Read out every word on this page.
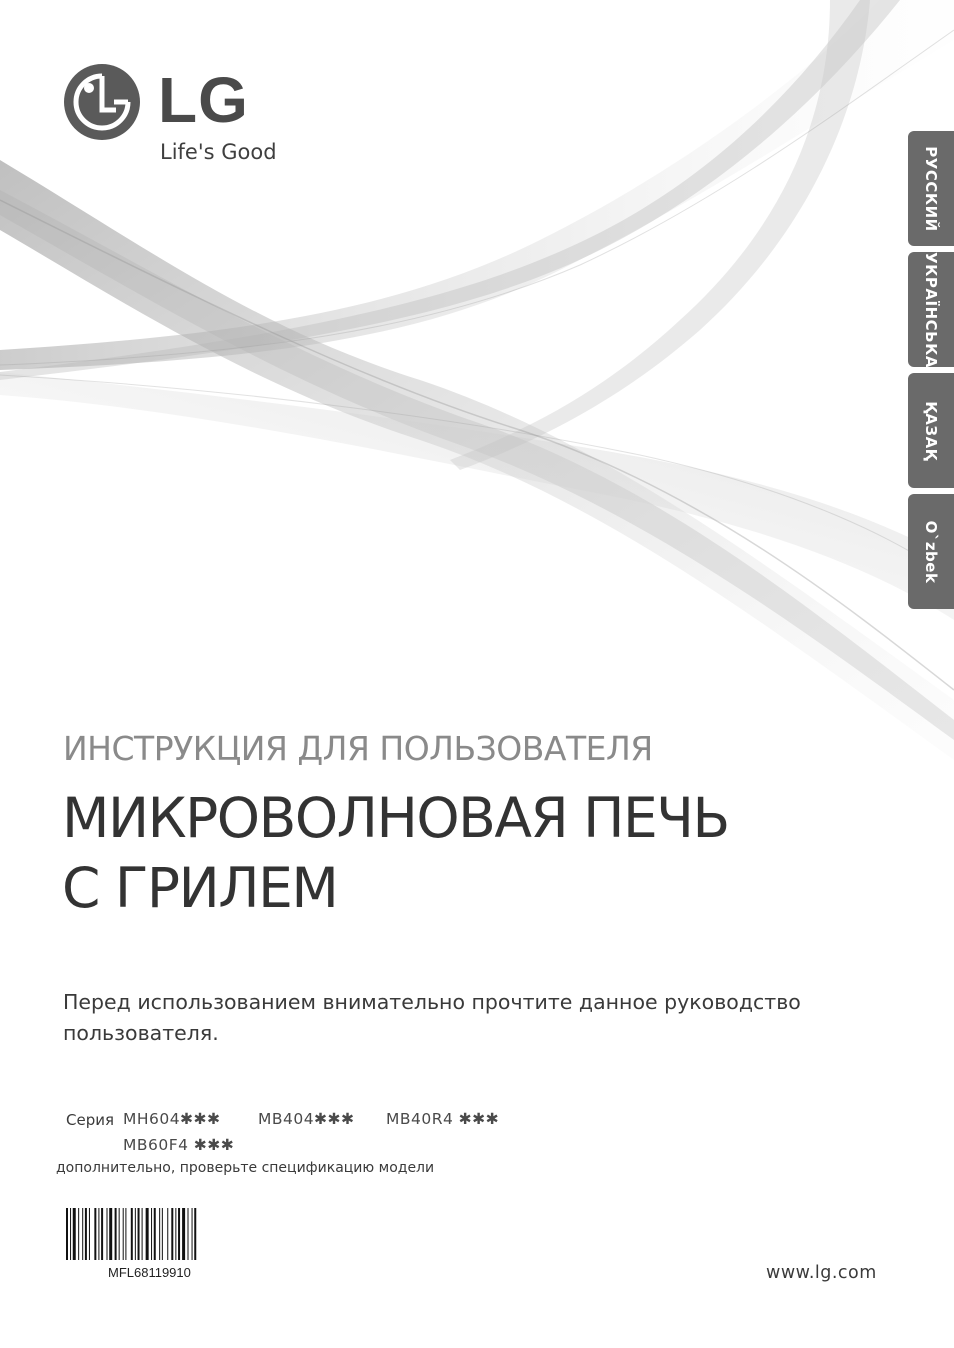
LG
Life's Good	РУССКИЙ
УКРАЇНСЬКА
ҚАЗАҚ
O`zbek
ИНСТРУКЦИЯ ДЛЯ ПОЛЬЗОВАТЕЛЯ
МИКРОВОЛНОВАЯ ПЕЧЬ
С ГРИЛЕМ
Перед использованием внимательно прочтите данное руководство пользователя.
Серия MH604✱✱✱ MB404✱✱✱ MB40R4 ✱✱✱
MB60F4 ✱✱✱
дополнительно, проверьте спецификацию модели
MFL68119910	www.lg.com
